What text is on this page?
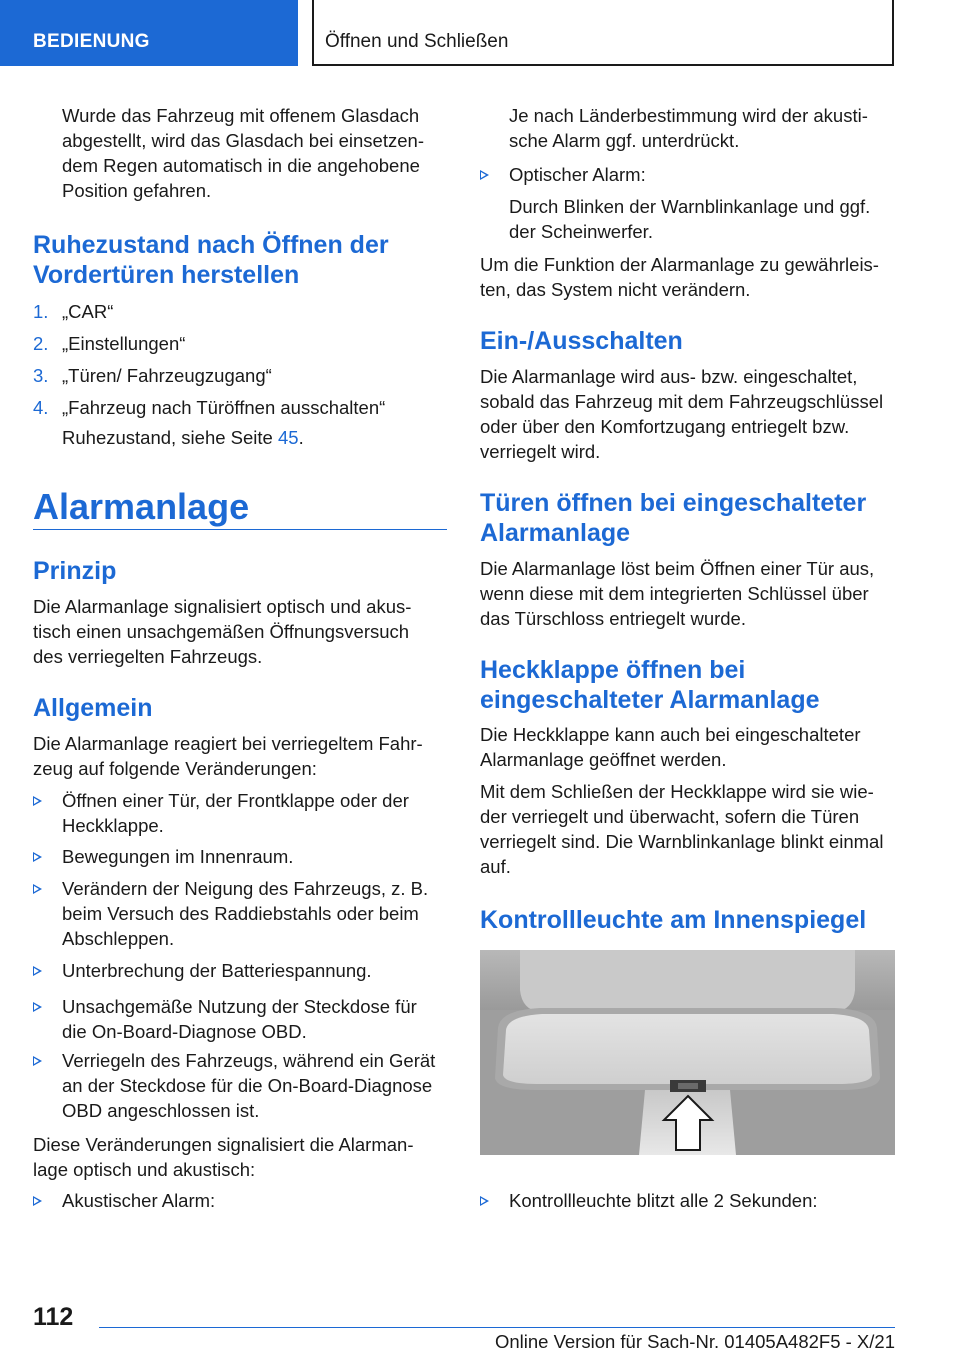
BEDIENUNG	Öffnen und Schließen

Wurde das Fahrzeug mit offenem Glasdach
abgestellt, wird das Glasdach bei einsetzen-
dem Regen automatisch in die angehobene
Position gefahren.

Ruhezustand nach Öffnen der
Vordertüren herstellen

1. „CAR“
2. „Einstellungen“
3. „Türen/ Fahrzeugzugang“
4. „Fahrzeug nach Türöffnen ausschalten“

Ruhezustand, siehe Seite 45.

Alarmanlage

Prinzip

Die Alarmanlage signalisiert optisch und akus-
tisch einen unsachgemäßen Öffnungsversuch
des verriegelten Fahrzeugs.

Allgemein

Die Alarmanlage reagiert bei verriegeltem Fahr-
zeug auf folgende Veränderungen:

Öffnen einer Tür, der Frontklappe oder der
Heckklappe.

Bewegungen im Innenraum.

Verändern der Neigung des Fahrzeugs, z. B.
beim Versuch des Raddiebstahls oder beim
Abschleppen.

Unterbrechung der Batteriespannung.

Unsachgemäße Nutzung der Steckdose für
die On-Board-Diagnose OBD.

Verriegeln des Fahrzeugs, während ein Gerät
an der Steckdose für die On-Board-Diagnose
OBD angeschlossen ist.

Diese Veränderungen signalisiert die Alarman-
lage optisch und akustisch:

Akustischer Alarm:

Je nach Länderbestimmung wird der akusti-
sche Alarm ggf. unterdrückt.

Optischer Alarm:

Durch Blinken der Warnblinkanlage und ggf.
der Scheinwerfer.

Um die Funktion der Alarmanlage zu gewährleis-
ten, das System nicht verändern.

Ein-/Ausschalten

Die Alarmanlage wird aus- bzw. eingeschaltet,
sobald das Fahrzeug mit dem Fahrzeugschlüssel
oder über den Komfortzugang entriegelt bzw.
verriegelt wird.

Türen öffnen bei eingeschalteter
Alarmanlage

Die Alarmanlage löst beim Öffnen einer Tür aus,
wenn diese mit dem integrierten Schlüssel über
das Türschloss entriegelt wurde.

Heckklappe öffnen bei
eingeschalteter Alarmanlage

Die Heckklappe kann auch bei eingeschalteter
Alarmanlage geöffnet werden.

Mit dem Schließen der Heckklappe wird sie wie-
der verriegelt und überwacht, sofern die Türen
verriegelt sind. Die Warnblinkanlage blinkt einmal
auf.

Kontrollleuchte am Innenspiegel

Kontrollleuchte blitzt alle 2 Sekunden:

112
Online Version für Sach-Nr. 01405A482F5 - X/21
